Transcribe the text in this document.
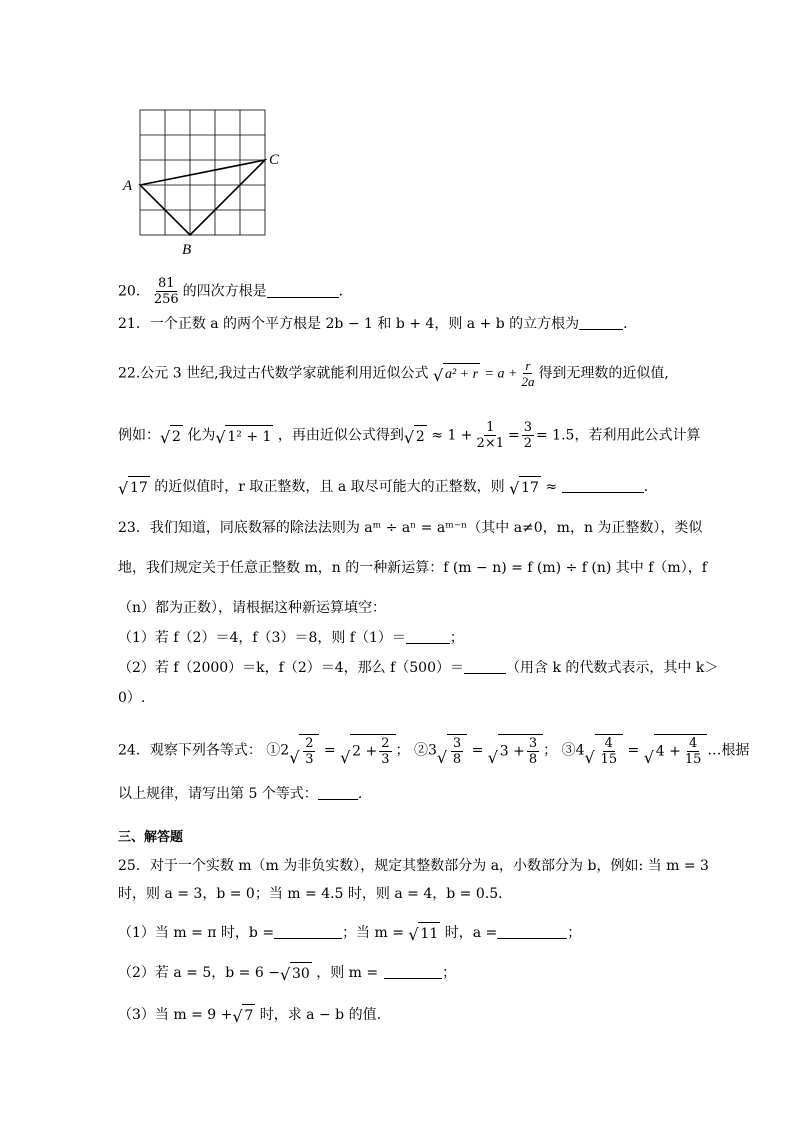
A
C
B
20． $\frac{81}{256}$ 的四次方根是	.
21．一个正数 a 的两个平方根是 2b − 1 和 b + 4，则 a + b 的立方根为	．
22.公元 3 世纪,我过古代数学家就能利用近似公式 √ $a^2 + r = a + \frac{r}{2a}$ 得到无理数的近似值,
例如： √ 2 化为 √ 1² + 1 ，再由近似公式得到 √ $2 \approx 1 + \frac{1}{2\times 1} = \frac{3}{2} = 1.5$，若利用此公式计算
√ 17 的近似值时，r 取正整数，且 a 取尽可能大的正整数，则 √ 17 ≈	.
23．我们知道，同底数幂的除法法则为 aᵐ ÷ aⁿ = aᵐ⁻ⁿ（其中 a≠0，m，n 为正整数），类似
地，我们规定关于任意正整数 m，n 的一种新运算：f (m − n) = f (m) ÷ f (n) 其中 f（m），f
（n）都为正数），请根据这种新运算填空：
（1）若 f（2）＝4，f（3）＝8，则 f（1）＝	；
（2）若 f（2000）＝k，f（2）＝4，那么 f（500）＝	（用含 k 的代数式表示，其中 k＞
0）.
24．观察下列各等式： ①2 √ $\frac{2}{3}$ = √ $2 + \frac{2}{3}$ ； ②3 √ $\frac{3}{8}$ = √ $3 + \frac{3}{8}$ ； ③4 √ $\frac{4}{15}$ = √ $4 + \frac{4}{15}$ …根据
以上规律，请写出第 5 个等式：	.
三、解答题
25．对于一个实数 m（m 为非负实数），规定其整数部分为 a，小数部分为 b，例如: 当 m = 3
时，则 a = 3，b = 0；当 m = 4.5 时，则 a = 4，b = 0.5．
（1）当 m = π 时，b =	；当 m = √ 11 时，a =	；
（2）若 a = 5，b = 6 − √ 30 ，则 m =	；
（3）当 m = 9 + √ 7 时，求 a − b 的值.
